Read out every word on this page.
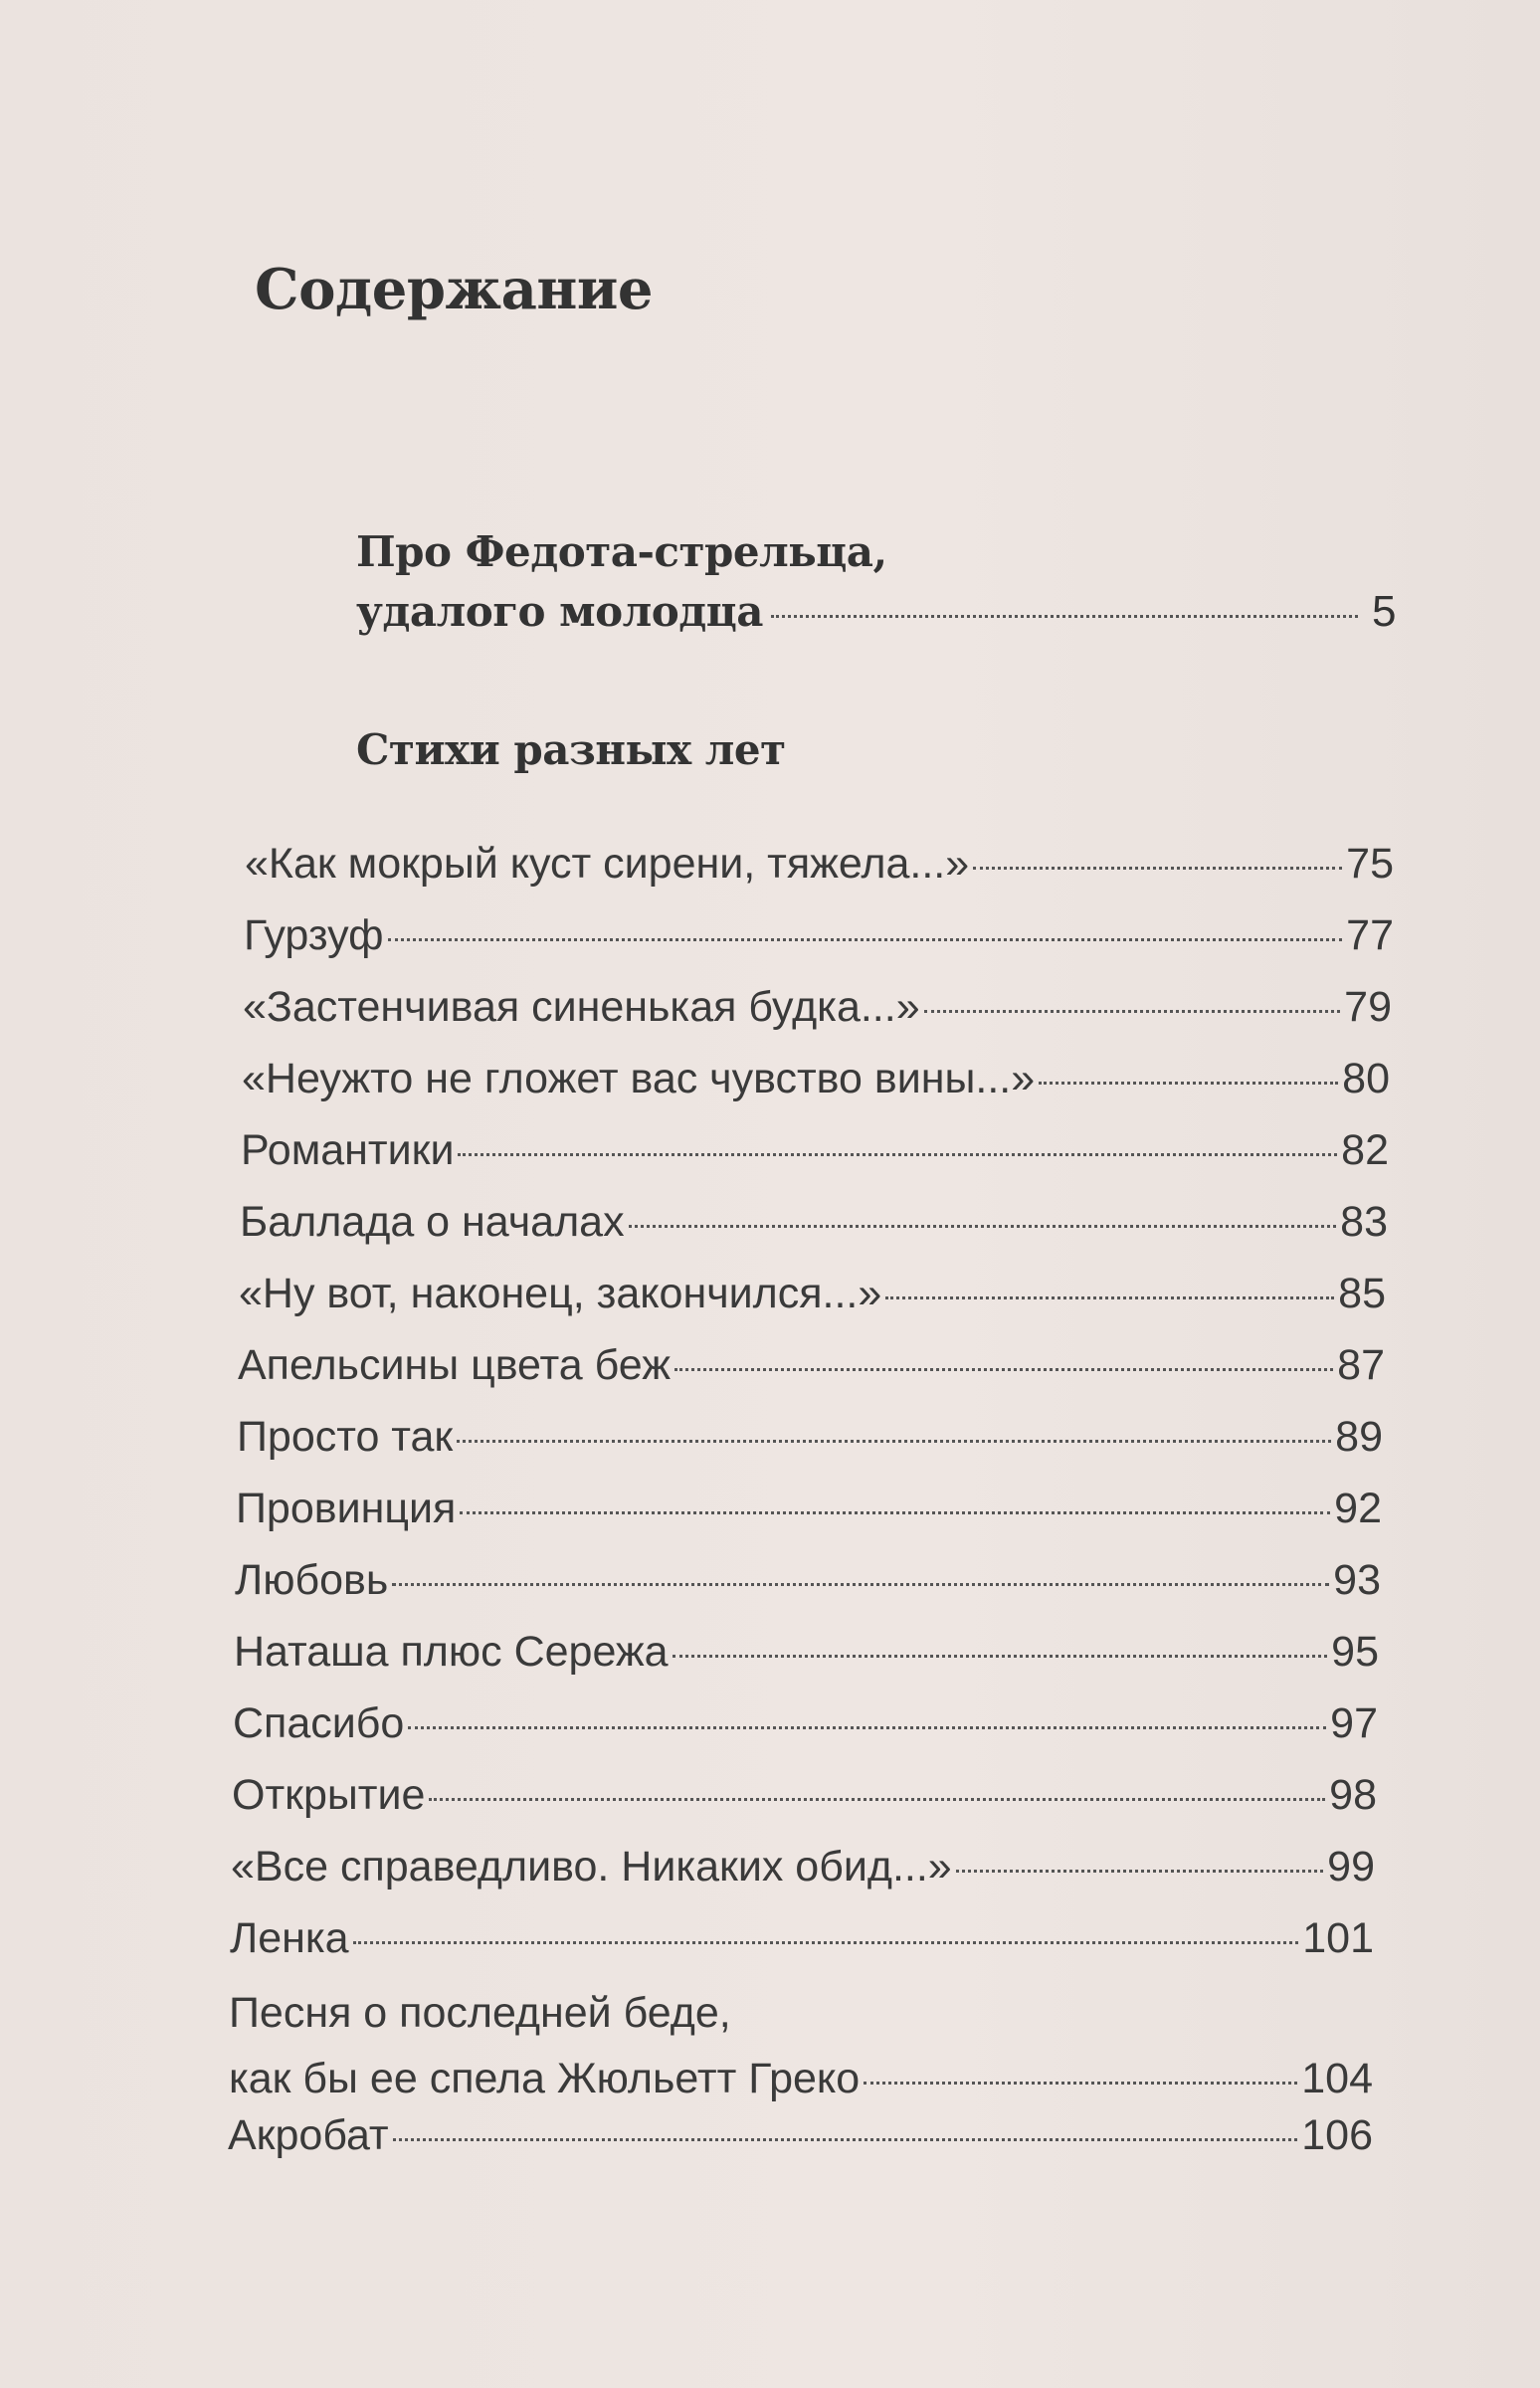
Содержание
Про Федота-стрельца,
удалого молодца	5
Стихи разных лет
«Как мокрый куст сирени, тяжела...»	75
Гурзуф	77
«Застенчивая синенькая будка...»	79
«Неужто не гложет вас чувство вины...»	80
Романтики	82
Баллада о началах	83
«Ну вот, наконец, закончился...»	85
Апельсины цвета беж	87
Просто так	89
Провинция	92
Любовь	93
Наташа плюс Сережа	95
Спасибо	97
Открытие	98
«Все справедливо. Никаких обид...»	99
Ленка	101
Песня о последней беде,
как бы ее спела Жюльетт Греко	104
Акробат	106
